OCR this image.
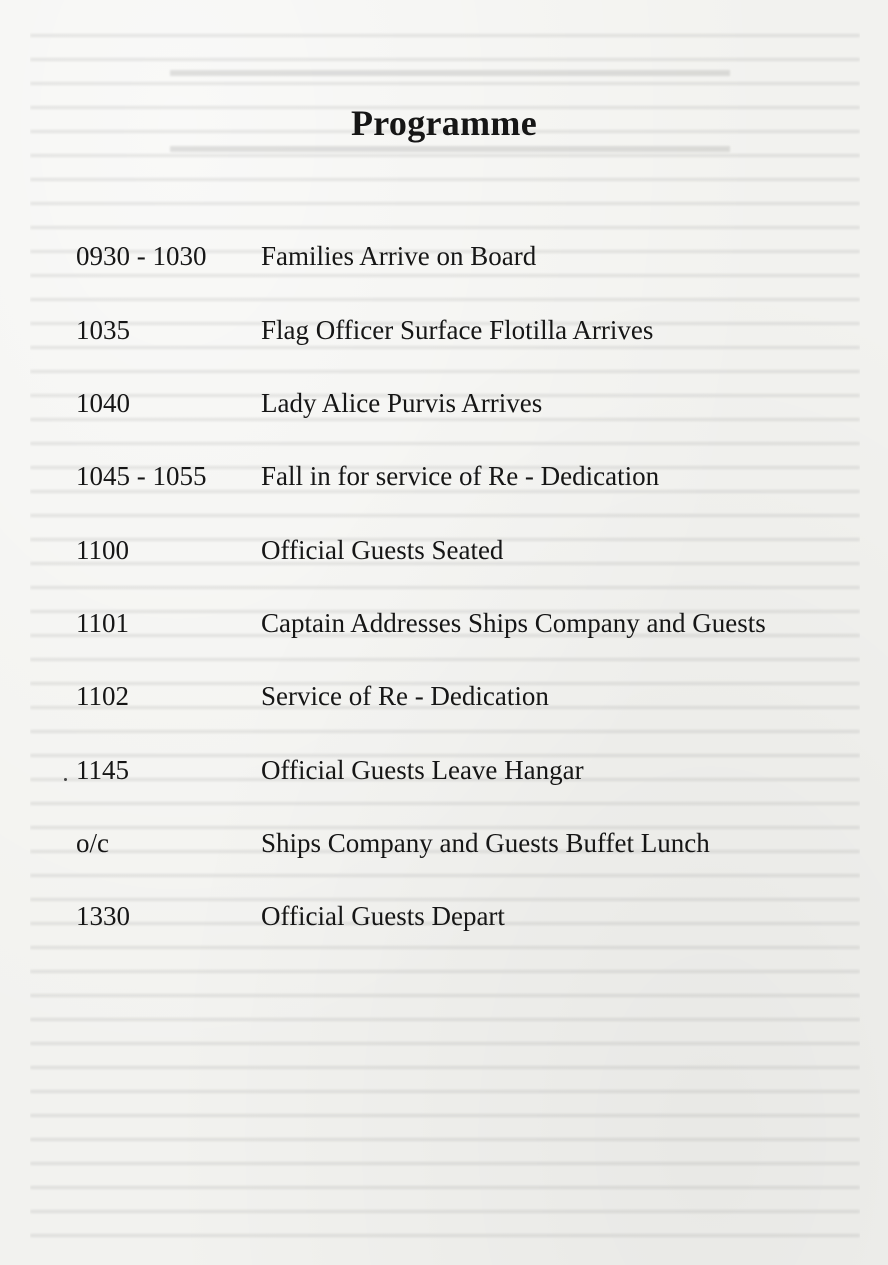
Programme
0930 - 1030 Families Arrive on Board
1035	Flag Officer Surface Flotilla Arrives
1040	Lady Alice Purvis Arrives
1045 - 1055 Fall in for service of Re - Dedication
1100	Official Guests Seated
1101	Captain Addresses Ships Company and Guests
1102	Service of Re - Dedication
1145	Official Guests Leave Hangar
o/c	Ships Company and Guests Buffet Lunch
1330	Official Guests Depart
